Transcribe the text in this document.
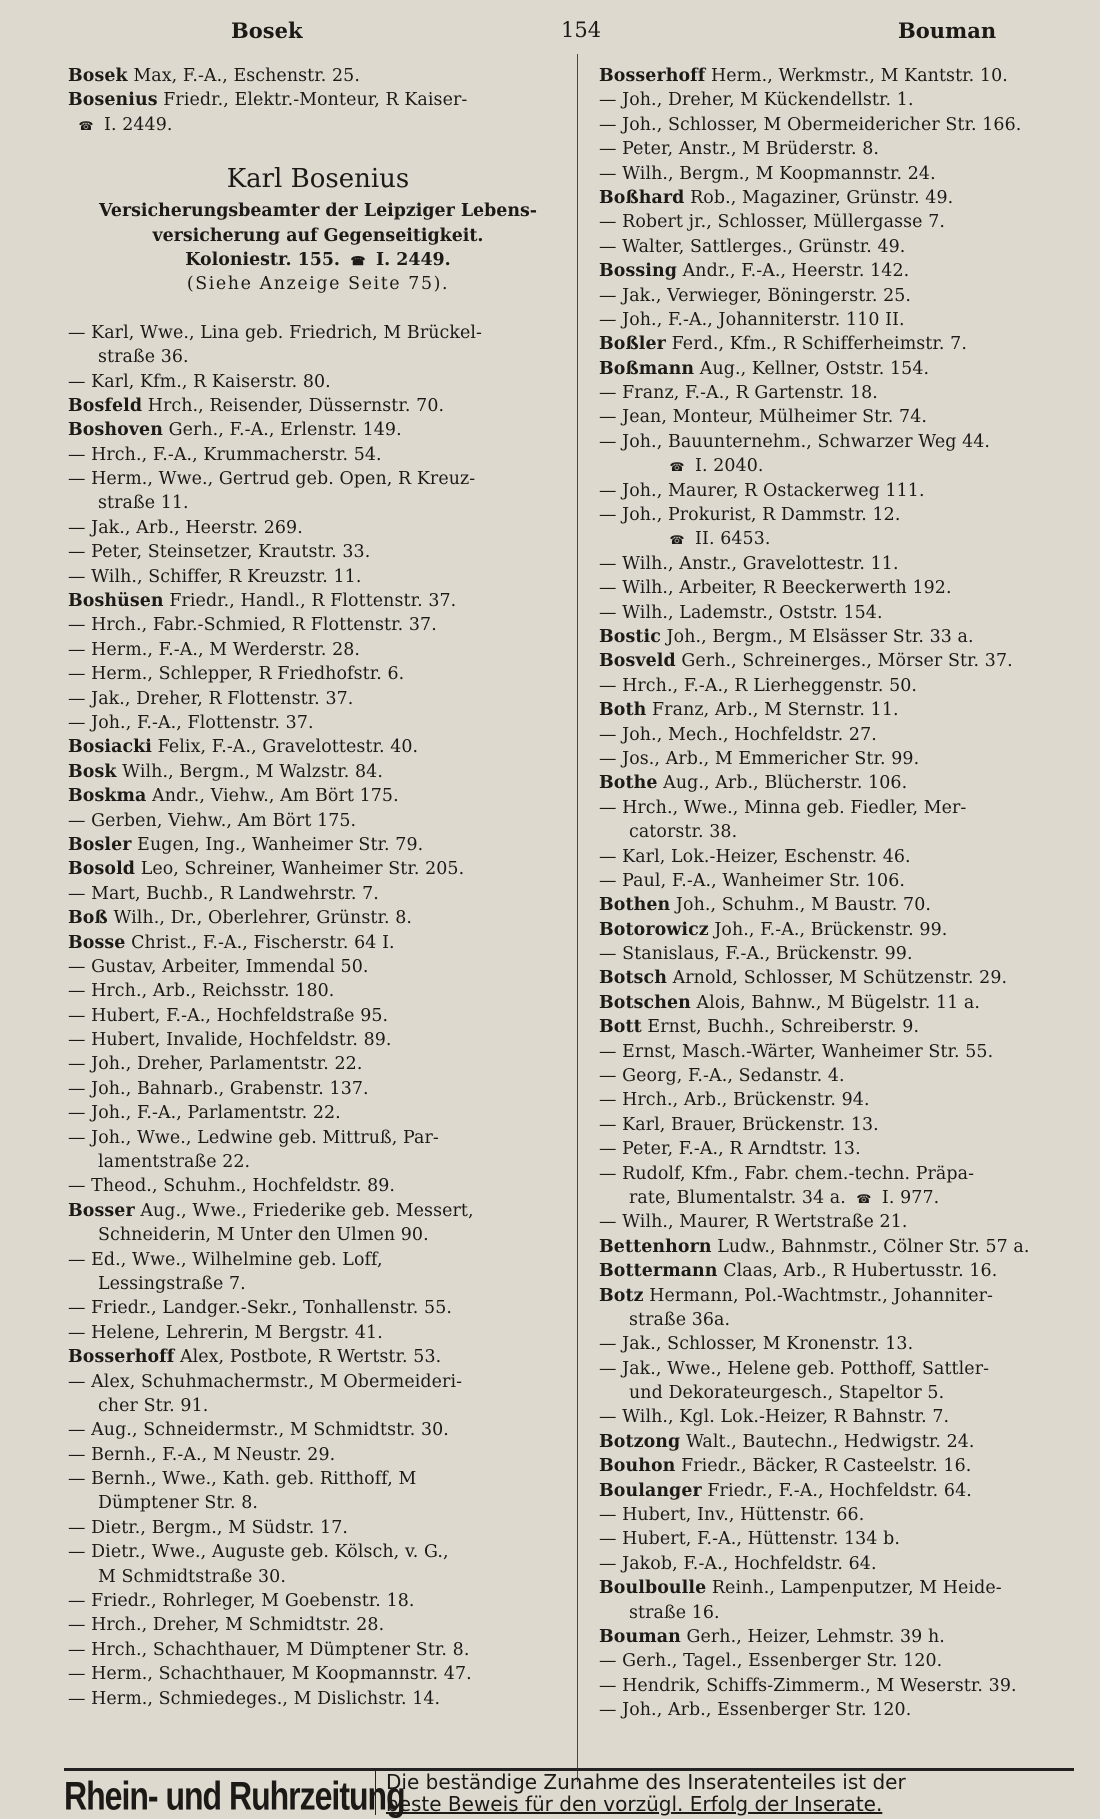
Bosek	154	Bouman
Bosek Max, F.-A., Eschenstr. 25.
Bosenius Friedr., Elektr.-Monteur, R Kaiser-
☎ I. 2449.
Karl Bosenius
Versicherungsbeamter der Leipziger Lebens-
versicherung auf Gegenseitigkeit.
Koloniestr. 155. ☎ I. 2449.
(Siehe Anzeige Seite 75).
— Karl, Wwe., Lina geb. Friedrich, M Brückel-
straße 36.
— Karl, Kfm., R Kaiserstr. 80.
Bosfeld Hrch., Reisender, Düssernstr. 70.
Boshoven Gerh., F.-A., Erlenstr. 149.
— Hrch., F.-A., Krummacherstr. 54.
— Herm., Wwe., Gertrud geb. Open, R Kreuz-
straße 11.
— Jak., Arb., Heerstr. 269.
— Peter, Steinsetzer, Krautstr. 33.
— Wilh., Schiffer, R Kreuzstr. 11.
Boshüsen Friedr., Handl., R Flottenstr. 37.
— Hrch., Fabr.-Schmied, R Flottenstr. 37.
— Herm., F.-A., M Werderstr. 28.
— Herm., Schlepper, R Friedhofstr. 6.
— Jak., Dreher, R Flottenstr. 37.
— Joh., F.-A., Flottenstr. 37.
Bosiacki Felix, F.-A., Gravelottestr. 40.
Bosk Wilh., Bergm., M Walzstr. 84.
Boskma Andr., Viehw., Am Bört 175.
— Gerben, Viehw., Am Bört 175.
Bosler Eugen, Ing., Wanheimer Str. 79.
Bosold Leo, Schreiner, Wanheimer Str. 205.
— Mart, Buchb., R Landwehrstr. 7.
Boß Wilh., Dr., Oberlehrer, Grünstr. 8.
Bosse Christ., F.-A., Fischerstr. 64 I.
— Gustav, Arbeiter, Immendal 50.
— Hrch., Arb., Reichsstr. 180.
— Hubert, F.-A., Hochfeldstraße 95.
— Hubert, Invalide, Hochfeldstr. 89.
— Joh., Dreher, Parlamentstr. 22.
— Joh., Bahnarb., Grabenstr. 137.
— Joh., F.-A., Parlamentstr. 22.
— Joh., Wwe., Ledwine geb. Mittruß, Par-
lamentstraße 22.
— Theod., Schuhm., Hochfeldstr. 89.
Bosser Aug., Wwe., Friederike geb. Messert,
Schneiderin, M Unter den Ulmen 90.
— Ed., Wwe., Wilhelmine geb. Loff,
Lessingstraße 7.
— Friedr., Landger.-Sekr., Tonhallenstr. 55.
— Helene, Lehrerin, M Bergstr. 41.
Bosserhoff Alex, Postbote, R Wertstr. 53.
— Alex, Schuhmachermstr., M Obermeideri-
cher Str. 91.
— Aug., Schneidermstr., M Schmidtstr. 30.
— Bernh., F.-A., M Neustr. 29.
— Bernh., Wwe., Kath. geb. Ritthoff, M
Dümptener Str. 8.
— Dietr., Bergm., M Südstr. 17.
— Dietr., Wwe., Auguste geb. Kölsch, v. G.,
M Schmidtstraße 30.
— Friedr., Rohrleger, M Goebenstr. 18.
— Hrch., Dreher, M Schmidtstr. 28.
— Hrch., Schachthauer, M Dümptener Str. 8.
— Herm., Schachthauer, M Koopmannstr. 47.
— Herm., Schmiedeges., M Dislichstr. 14.
Bosserhoff Herm., Werkmstr., M Kantstr. 10.
— Joh., Dreher, M Kückendellstr. 1.
— Joh., Schlosser, M Obermeidericher Str. 166.
— Peter, Anstr., M Brüderstr. 8.
— Wilh., Bergm., M Koopmannstr. 24.
Boßhard Rob., Magaziner, Grünstr. 49.
— Robert jr., Schlosser, Müllergasse 7.
— Walter, Sattlerges., Grünstr. 49.
Bossing Andr., F.-A., Heerstr. 142.
— Jak., Verwieger, Böningerstr. 25.
— Joh., F.-A., Johanniterstr. 110 II.
Boßler Ferd., Kfm., R Schifferheimstr. 7.
Boßmann Aug., Kellner, Oststr. 154.
— Franz, F.-A., R Gartenstr. 18.
— Jean, Monteur, Mülheimer Str. 74.
— Joh., Bauunternehm., Schwarzer Weg 44.
☎ I. 2040.
— Joh., Maurer, R Ostackerweg 111.
— Joh., Prokurist, R Dammstr. 12.
☎ II. 6453.
— Wilh., Anstr., Gravelottestr. 11.
— Wilh., Arbeiter, R Beeckerwerth 192.
— Wilh., Lademstr., Oststr. 154.
Bostic Joh., Bergm., M Elsässer Str. 33 a.
Bosveld Gerh., Schreinerges., Mörser Str. 37.
— Hrch., F.-A., R Lierheggenstr. 50.
Both Franz, Arb., M Sternstr. 11.
— Joh., Mech., Hochfeldstr. 27.
— Jos., Arb., M Emmericher Str. 99.
Bothe Aug., Arb., Blücherstr. 106.
— Hrch., Wwe., Minna geb. Fiedler, Mer-
catorstr. 38.
— Karl, Lok.-Heizer, Eschenstr. 46.
— Paul, F.-A., Wanheimer Str. 106.
Bothen Joh., Schuhm., M Baustr. 70.
Botorowicz Joh., F.-A., Brückenstr. 99.
— Stanislaus, F.-A., Brückenstr. 99.
Botsch Arnold, Schlosser, M Schützenstr. 29.
Botschen Alois, Bahnw., M Bügelstr. 11 a.
Bott Ernst, Buchh., Schreiberstr. 9.
— Ernst, Masch.-Wärter, Wanheimer Str. 55.
— Georg, F.-A., Sedanstr. 4.
— Hrch., Arb., Brückenstr. 94.
— Karl, Brauer, Brückenstr. 13.
— Peter, F.-A., R Arndtstr. 13.
— Rudolf, Kfm., Fabr. chem.-techn. Präpa-
rate, Blumentalstr. 34 a. ☎ I. 977.
— Wilh., Maurer, R Wertstraße 21.
Bettenhorn Ludw., Bahnmstr., Cölner Str. 57 a.
Bottermann Claas, Arb., R Hubertusstr. 16.
Botz Hermann, Pol.-Wachtmstr., Johanniter-
straße 36a.
— Jak., Schlosser, M Kronenstr. 13.
— Jak., Wwe., Helene geb. Potthoff, Sattler-
und Dekorateurgesch., Stapeltor 5.
— Wilh., Kgl. Lok.-Heizer, R Bahnstr. 7.
Botzong Walt., Bautechn., Hedwigstr. 24.
Bouhon Friedr., Bäcker, R Casteelstr. 16.
Boulanger Friedr., F.-A., Hochfeldstr. 64.
— Hubert, Inv., Hüttenstr. 66.
— Hubert, F.-A., Hüttenstr. 134 b.
— Jakob, F.-A., Hochfeldstr. 64.
Boulboulle Reinh., Lampenputzer, M Heide-
straße 16.
Bouman Gerh., Heizer, Lehmstr. 39 h.
— Gerh., Tagel., Essenberger Str. 120.
— Hendrik, Schiffs-Zimmerm., M Weserstr. 39.
— Joh., Arb., Essenberger Str. 120.
Rhein- und Ruhrzeitung
Die beständige Zunahme des Inseratenteiles ist der
beste Beweis für den vorzügl. Erfolg der Inserate.
